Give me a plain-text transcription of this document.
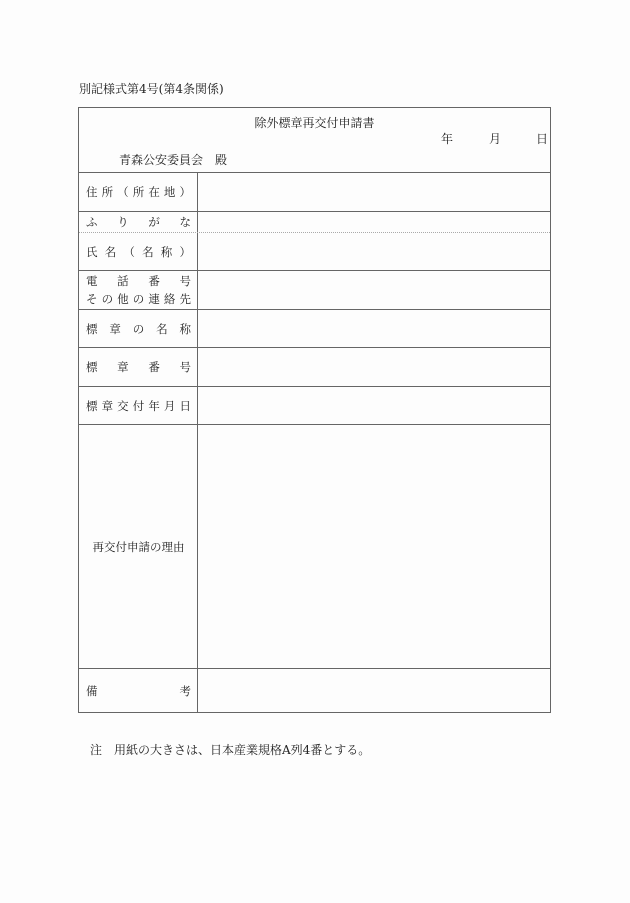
別記様式第4号(第4条関係)
除外標章再交付申請書
年	月	日
青森公安委員会　殿
住 所 （ 所 在 地 ）
ふ り が な
氏 名 （ 名 称 ）
電 話 番 号
そ の 他 の 連 絡 先
標 章 の 名 称
標 章 番 号
標 章 交 付 年 月 日
再交付申請の理由
備	考
注　用紙の大きさは、日本産業規格A列4番とする。
